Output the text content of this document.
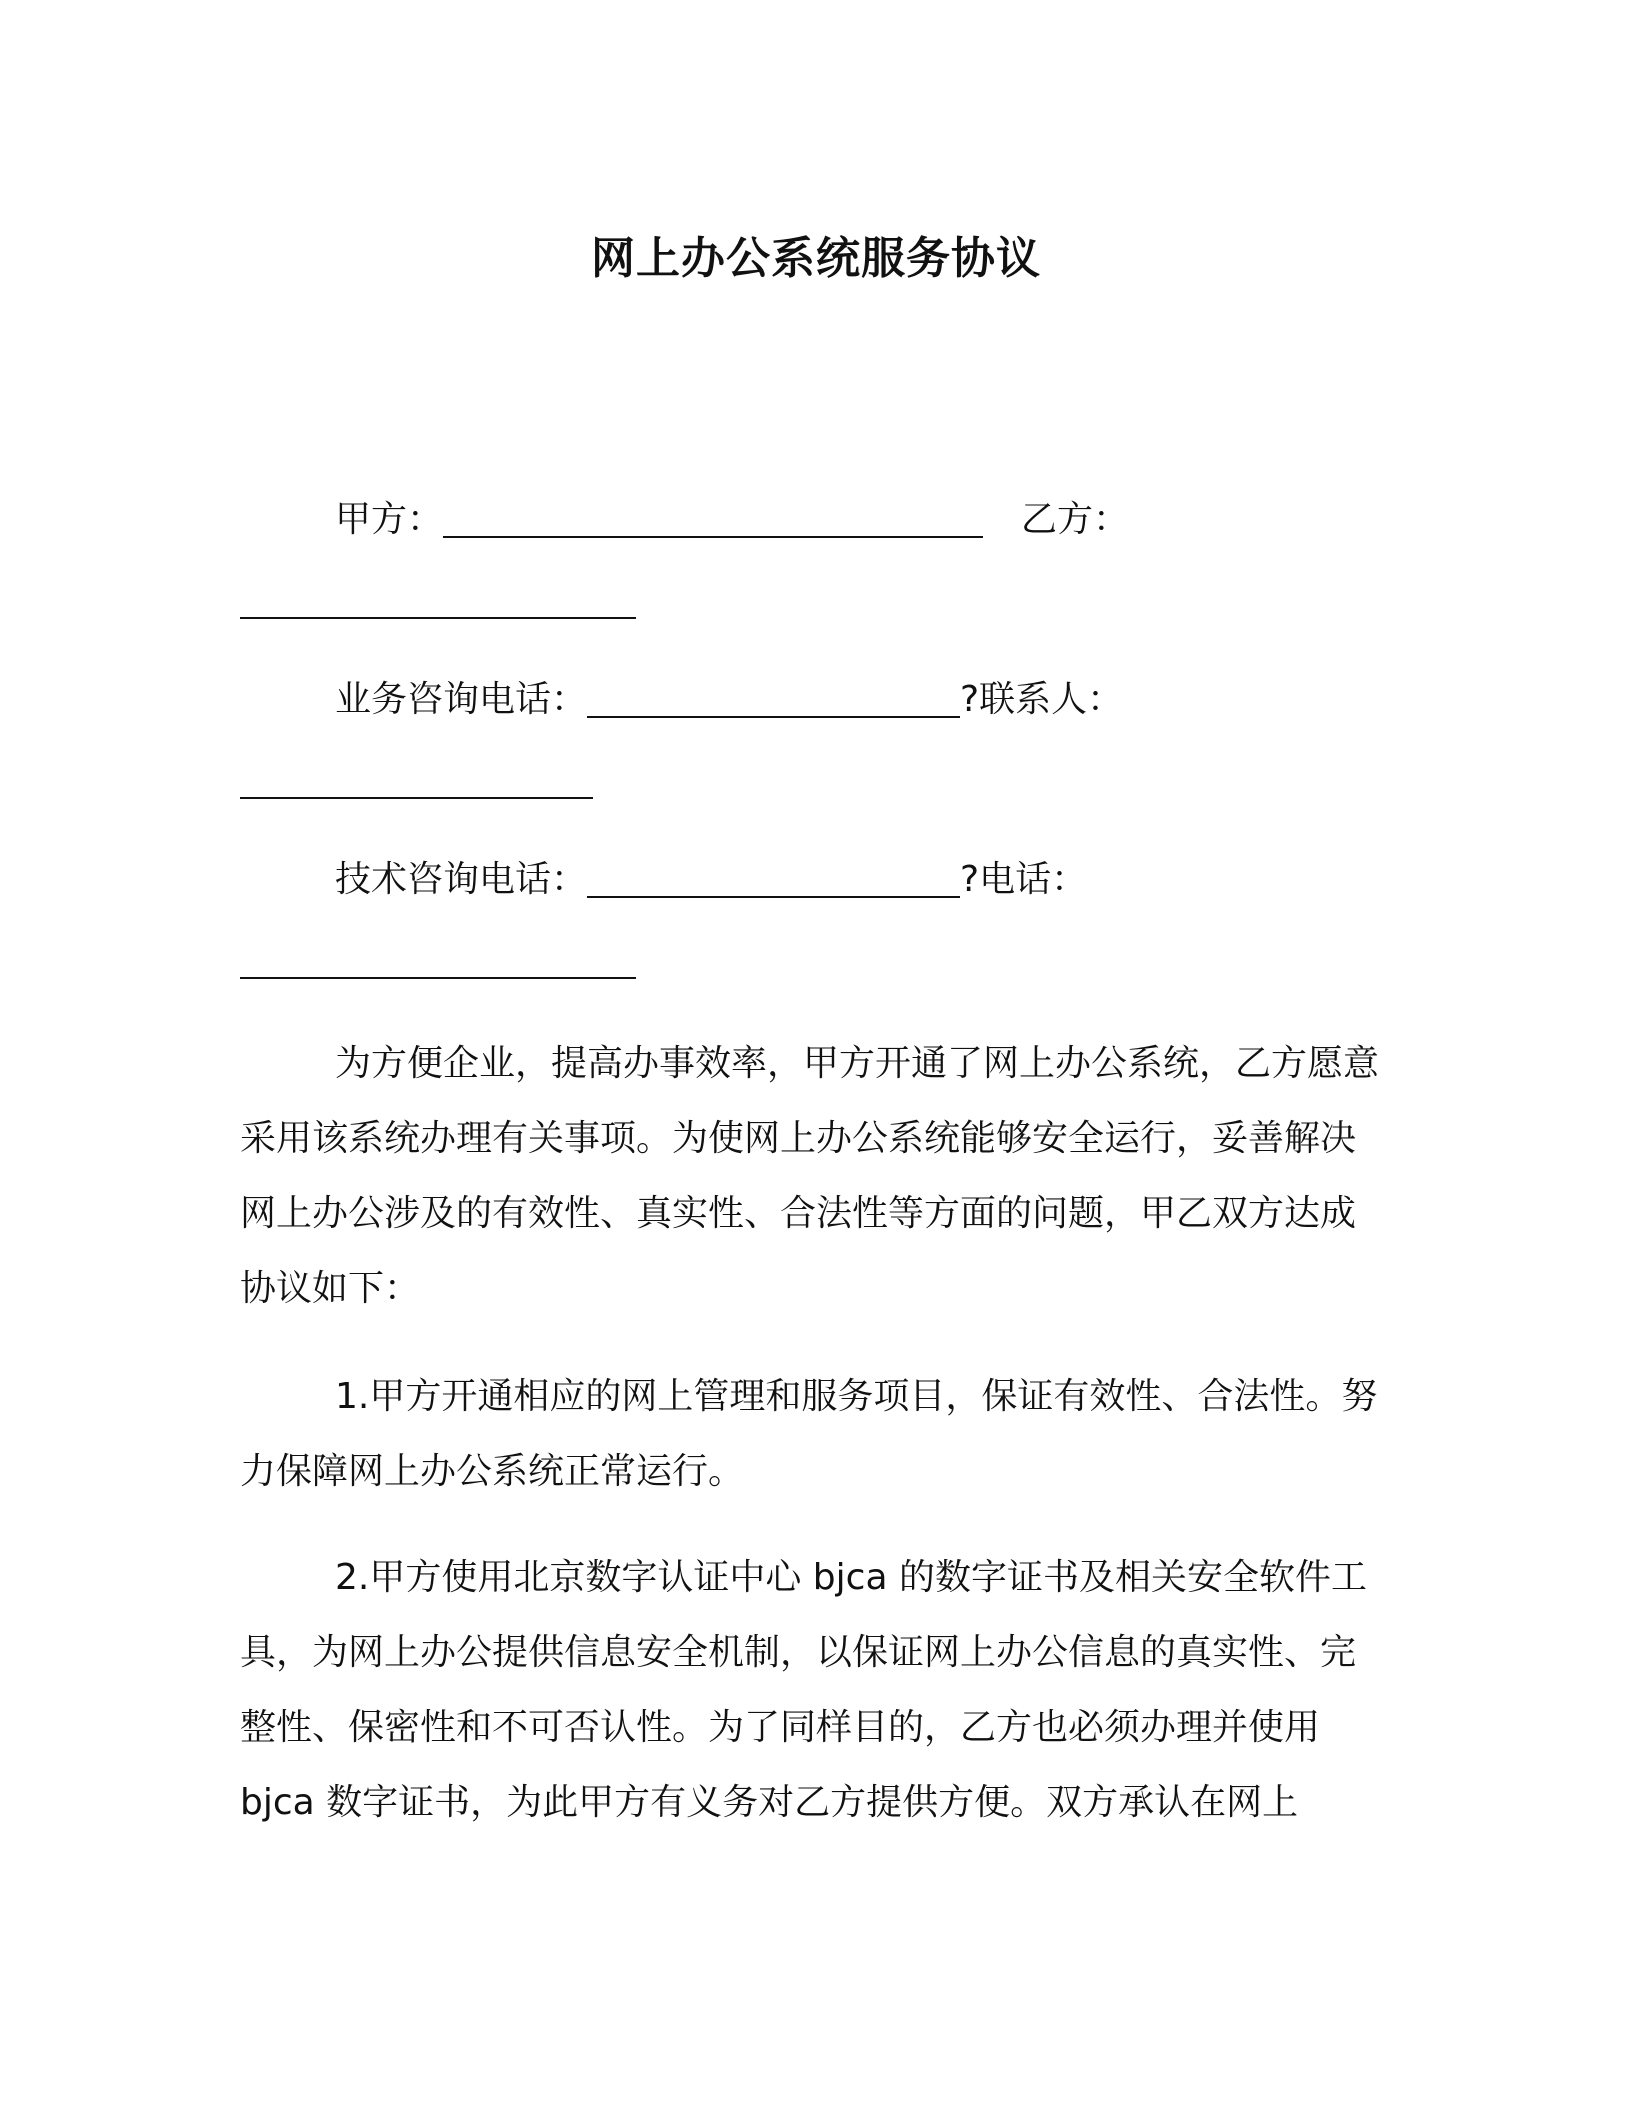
网上办公系统服务协议
甲方：	乙方：
业务咨询电话：	?联系人：
技术咨询电话：	?电话：

为方便企业，提高办事效率，甲方开通了网上办公系统，乙方愿意采用该系统办理有关事项。为使网上办公系统能够安全运行，妥善解决网上办公涉及的有效性、真实性、合法性等方面的问题，甲乙双方达成协议如下：

1.甲方开通相应的网上管理和服务项目，保证有效性、合法性。努力保障网上办公系统正常运行。

2.甲方使用北京数字认证中心 bjca 的数字证书及相关安全软件工具，为网上办公提供信息安全机制，以保证网上办公信息的真实性、完整性、保密性和不可否认性。为了同样目的，乙方也必须办理并使用 bjca 数字证书，为此甲方有义务对乙方提供方便。双方承认在网上
